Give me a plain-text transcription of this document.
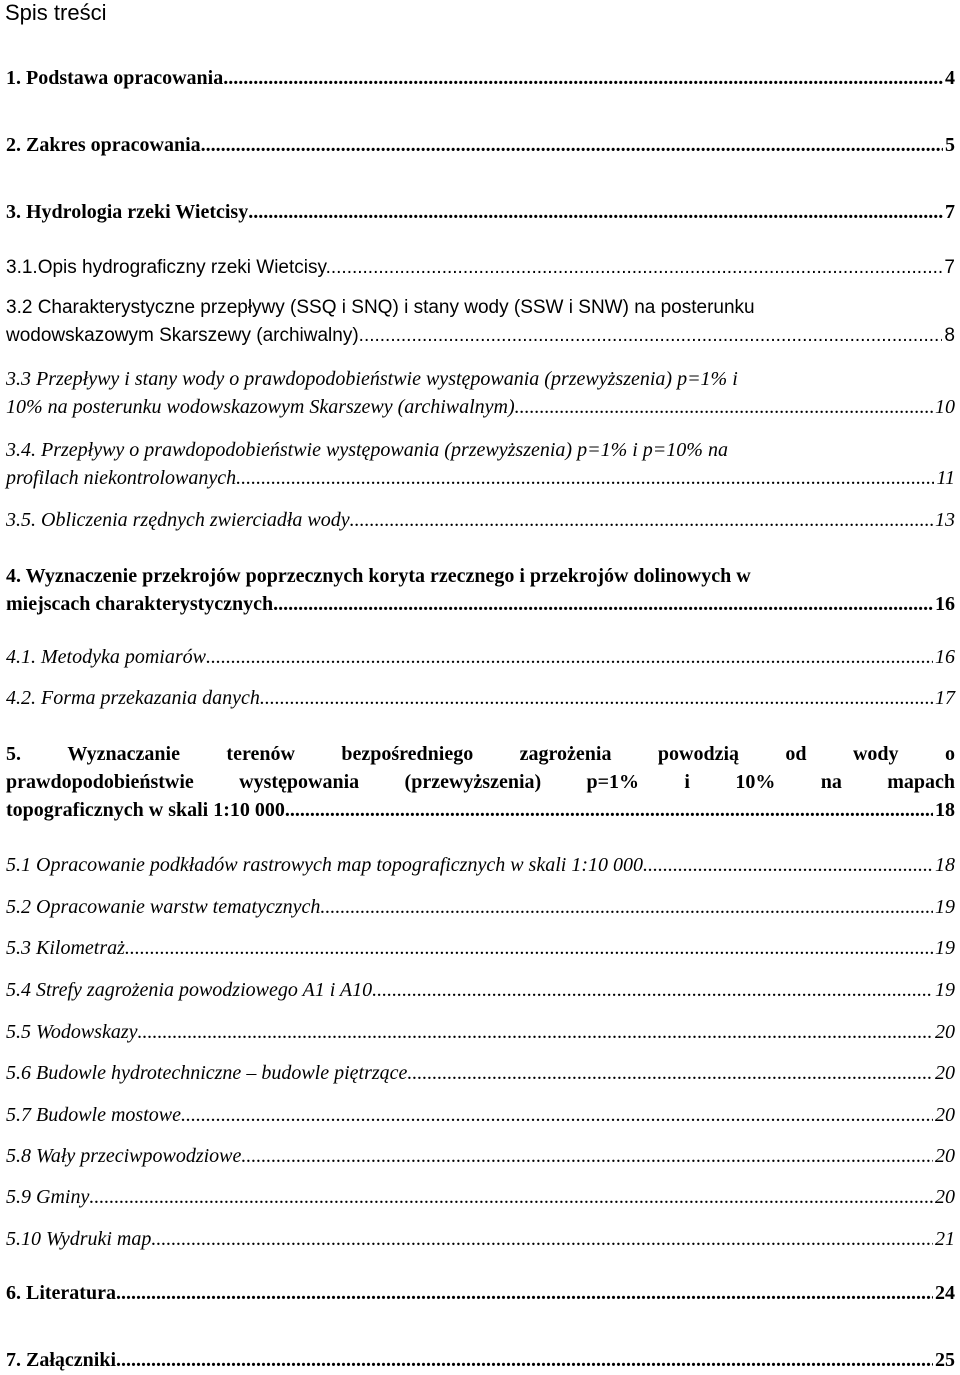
Spis treści
1. Podstawa opracowania .....	4
2. Zakres opracowania .....	5
3. Hydrologia rzeki Wietcisy .....	7
3.1.Opis hydrograficzny rzeki Wietcisy. .....	7
3.2 Charakterystyczne przepływy (SSQ i SNQ) i stany wody (SSW i SNW) na posterunku
wodowskazowym Skarszewy (archiwalny). .....	8
3.3 Przepływy i stany wody o prawdopodobieństwie występowania (przewyższenia) p=1% i
10% na posterunku wodowskazowym Skarszewy (archiwalnym) .....	10
3.4. Przepływy o prawdopodobieństwie występowania (przewyższenia) p=1% i p=10% na
profilach niekontrolowanych .....	11
3.5. Obliczenia rzędnych zwierciadła wody .....	13
4. Wyznaczenie przekrojów poprzecznych koryta rzecznego i przekrojów dolinowych w
miejscach charakterystycznych. .....	16
4.1. Metodyka pomiarów .....	16
4.2. Forma przekazania danych .....	17
5. Wyznaczanie terenów bezpośredniego zagrożenia powodzią od wody o
prawdopodobieństwie występowania (przewyższenia) p=1% i 10% na mapach
topograficznych w skali 1:10 000. .....	18
5.1 Opracowanie podkładów rastrowych map topograficznych w skali 1:10 000 .....	18
5.2 Opracowanie warstw tematycznych .....	19
5.3 Kilometraż .....	19
5.4 Strefy zagrożenia powodziowego A1 i A10 .....	19
5.5 Wodowskazy .....	20
5.6 Budowle hydrotechniczne – budowle piętrzące .....	20
5.7 Budowle mostowe .....	20
5.8 Wały przeciwpowodziowe .....	20
5.9 Gminy .....	20
5.10 Wydruki map .....	21
6. Literatura .....	24
7. Załączniki .....	25
